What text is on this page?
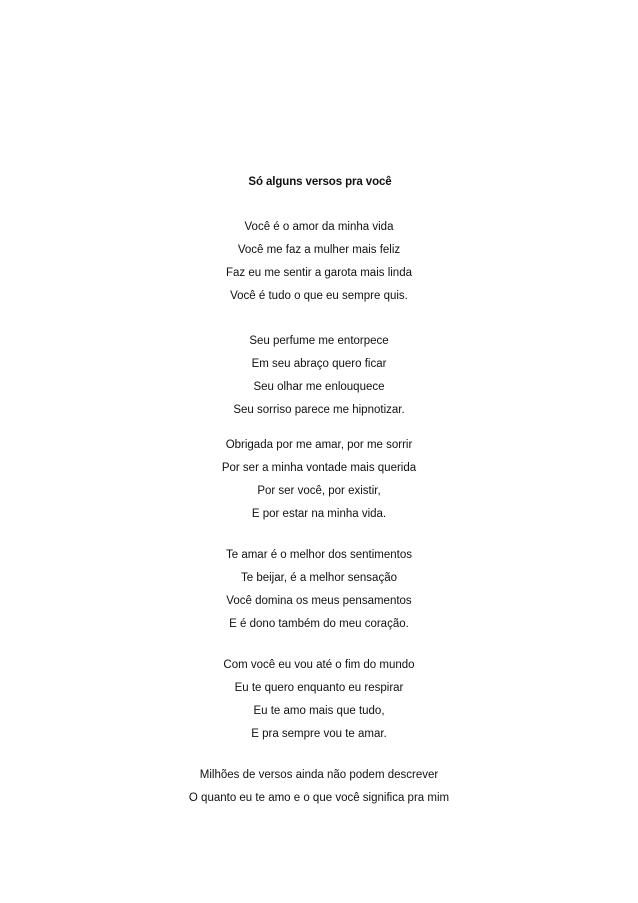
Só alguns versos pra você
Você é o amor da minha vida
Você me faz a mulher mais feliz
Faz eu me sentir a garota mais linda
Você é tudo o que eu sempre quis.
Seu perfume me entorpece
Em seu abraço quero ficar
Seu olhar me enlouquece
Seu sorriso parece me hipnotizar.
Obrigada por me amar, por me sorrir
Por ser a minha vontade mais querida
Por ser você, por existir,
E por estar na minha vida.
Te amar é o melhor dos sentimentos
Te beijar, é a melhor sensação
Você domina os meus pensamentos
E é dono também do meu coração.
Com você eu vou até o fim do mundo
Eu te quero enquanto eu respirar
Eu te amo mais que tudo,
E pra sempre vou te amar.
Milhões de versos ainda não podem descrever
O quanto eu te amo e o que você significa pra mim
